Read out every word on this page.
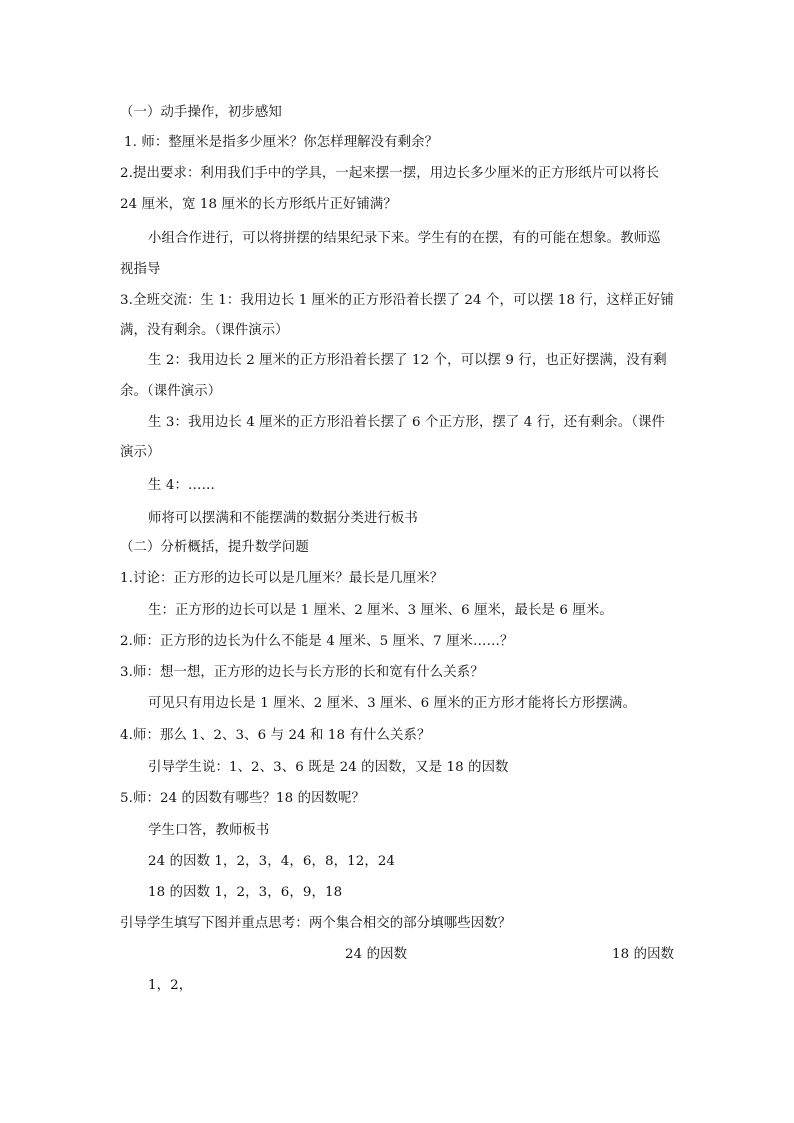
（一）动手操作，初步感知
1. 师：整厘米是指多少厘米？你怎样理解没有剩余？
2.提出要求：利用我们手中的学具，一起来摆一摆，用边长多少厘米的正方形纸片可以将长
24 厘米，宽 18 厘米的长方形纸片正好铺满？
小组合作进行，可以将拼摆的结果纪录下来。学生有的在摆，有的可能在想象。教师巡
视指导
3.全班交流：生 1：我用边长 1 厘米的正方形沿着长摆了 24 个，可以摆 18 行，这样正好铺
满，没有剩余。（课件演示）
生 2：我用边长 2 厘米的正方形沿着长摆了 12 个，可以摆 9 行，也正好摆满，没有剩
余。（课件演示）
生 3：我用边长 4 厘米的正方形沿着长摆了 6 个正方形，摆了 4 行，还有剩余。（课件
演示）
生 4：……
师将可以摆满和不能摆满的数据分类进行板书
（二）分析概括，提升数学问题
1.讨论：正方形的边长可以是几厘米？最长是几厘米？
生：正方形的边长可以是 1 厘米、2 厘米、3 厘米、6 厘米，最长是 6 厘米。
2.师：正方形的边长为什么不能是 4 厘米、5 厘米、7 厘米……？
3.师：想一想，正方形的边长与长方形的长和宽有什么关系？
可见只有用边长是 1 厘米、2 厘米、3 厘米、6 厘米的正方形才能将长方形摆满。
4.师：那么 1、2、3、6 与 24 和 18 有什么关系？
引导学生说：1、2、3、6 既是 24 的因数，又是 18 的因数
5.师：24 的因数有哪些？18 的因数呢？
学生口答，教师板书
24 的因数 1，2，3，4，6，8，12，24
18 的因数 1，2，3，6，9，18
引导学生填写下图并重点思考：两个集合相交的部分填哪些因数？
24 的因数	18 的因数
1，2，
